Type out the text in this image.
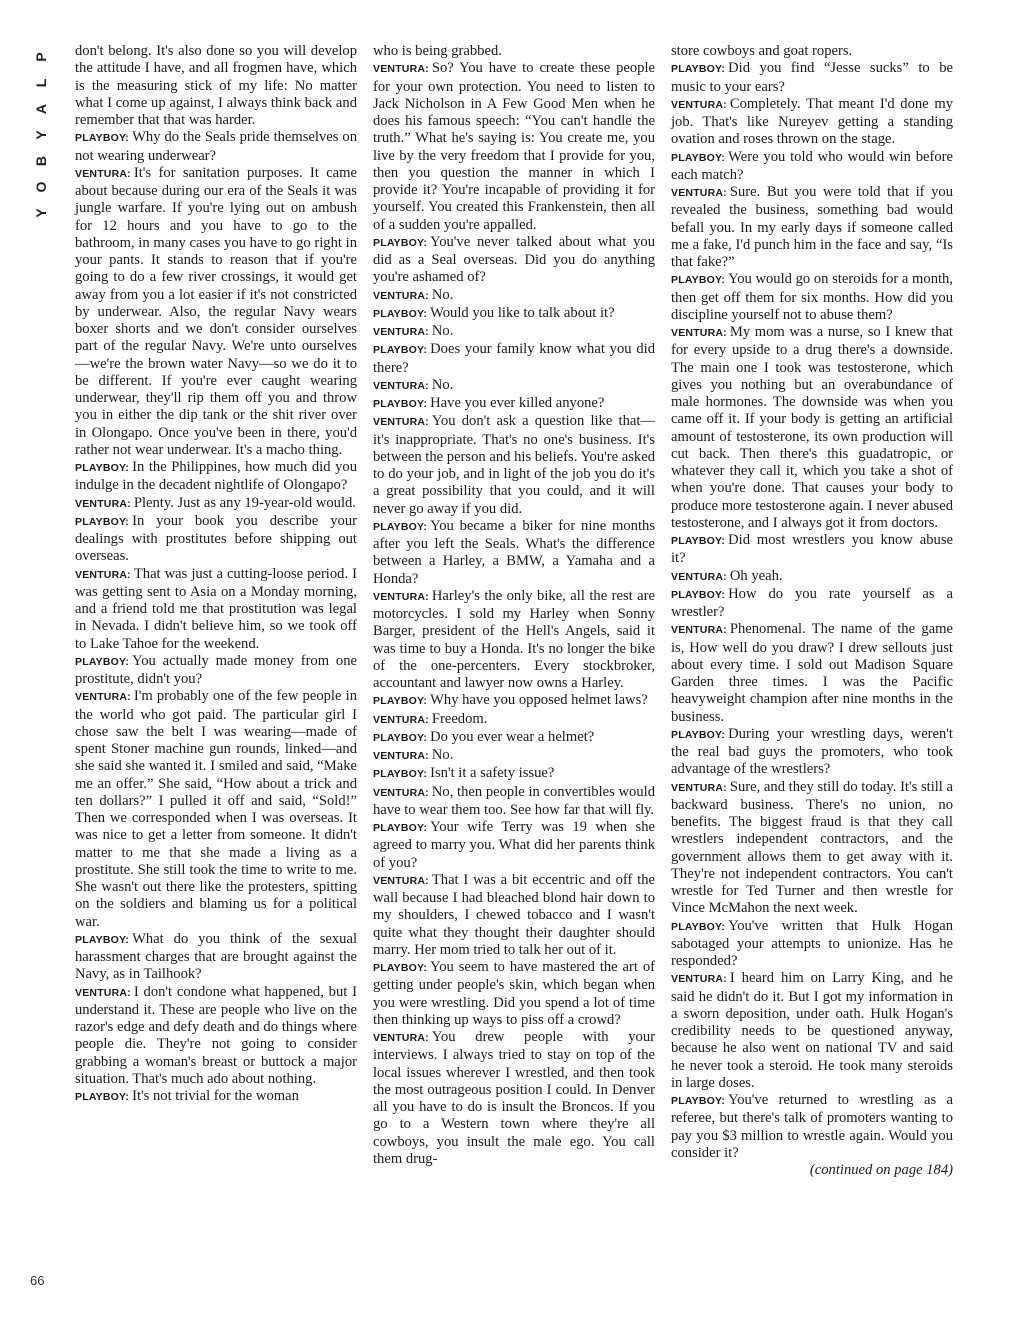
P
L
A
Y
B
O
Y

don't belong. It's also done so you will develop the attitude I have, and all frogmen have, which is the measuring stick of my life: No matter what I come up against, I always think back and remember that that was harder.

PLAYBOY: Why do the Seals pride themselves on not wearing underwear?

VENTURA: It's for sanitation purposes. It came about because during our era of the Seals it was jungle warfare. If you're lying out on ambush for 12 hours and you have to go to the bathroom, in many cases you have to go right in your pants. It stands to reason that if you're going to do a few river crossings, it would get away from you a lot easier if it's not constricted by underwear. Also, the regular Navy wears boxer shorts and we don't consider ourselves part of the regular Navy. We're unto ourselves—we're the brown water Navy—so we do it to be different. If you're ever caught wearing underwear, they'll rip them off you and throw you in either the dip tank or the shit river over in Olongapo. Once you've been in there, you'd rather not wear underwear. It's a macho thing.

PLAYBOY: In the Philippines, how much did you indulge in the decadent nightlife of Olongapo?

VENTURA: Plenty. Just as any 19-year-old would.

PLAYBOY: In your book you describe your dealings with prostitutes before shipping out overseas.

VENTURA: That was just a cutting-loose period. I was getting sent to Asia on a Monday morning, and a friend told me that prostitution was legal in Nevada. I didn't believe him, so we took off to Lake Tahoe for the weekend.

PLAYBOY: You actually made money from one prostitute, didn't you?

VENTURA: I'm probably one of the few people in the world who got paid. The particular girl I chose saw the belt I was wearing—made of spent Stoner machine gun rounds, linked—and she said she wanted it. I smiled and said, “Make me an offer.” She said, “How about a trick and ten dollars?” I pulled it off and said, “Sold!” Then we corresponded when I was overseas. It was nice to get a letter from someone. It didn't matter to me that she made a living as a prostitute. She still took the time to write to me. She wasn't out there like the protesters, spitting on the soldiers and blaming us for a political war.

PLAYBOY: What do you think of the sexual harassment charges that are brought against the Navy, as in Tailhook?

VENTURA: I don't condone what happened, but I understand it. These are people who live on the razor's edge and defy death and do things where people die. They're not going to consider grabbing a woman's breast or buttock a major situation. That's much ado about nothing.

PLAYBOY: It's not trivial for the woman

who is being grabbed.

VENTURA: So? You have to create these people for your own protection. You need to listen to Jack Nicholson in A Few Good Men when he does his famous speech: “You can't handle the truth.” What he's saying is: You create me, you live by the very freedom that I provide for you, then you question the manner in which I provide it? You're incapable of providing it for yourself. You created this Frankenstein, then all of a sudden you're appalled.

PLAYBOY: You've never talked about what you did as a Seal overseas. Did you do anything you're ashamed of?

VENTURA: No.

PLAYBOY: Would you like to talk about it?

VENTURA: No.

PLAYBOY: Does your family know what you did there?

VENTURA: No.

PLAYBOY: Have you ever killed anyone?

VENTURA: You don't ask a question like that—it's inappropriate. That's no one's business. It's between the person and his beliefs. You're asked to do your job, and in light of the job you do it's a great possibility that you could, and it will never go away if you did.

PLAYBOY: You became a biker for nine months after you left the Seals. What's the difference between a Harley, a BMW, a Yamaha and a Honda?

VENTURA: Harley's the only bike, all the rest are motorcycles. I sold my Harley when Sonny Barger, president of the Hell's Angels, said it was time to buy a Honda. It's no longer the bike of the one-percenters. Every stockbroker, accountant and lawyer now owns a Harley.

PLAYBOY: Why have you opposed helmet laws?

VENTURA: Freedom.

PLAYBOY: Do you ever wear a helmet?

VENTURA: No.

PLAYBOY: Isn't it a safety issue?

VENTURA: No, then people in convertibles would have to wear them too. See how far that will fly.

PLAYBOY: Your wife Terry was 19 when she agreed to marry you. What did her parents think of you?

VENTURA: That I was a bit eccentric and off the wall because I had bleached blond hair down to my shoulders, I chewed tobacco and I wasn't quite what they thought their daughter should marry. Her mom tried to talk her out of it.

PLAYBOY: You seem to have mastered the art of getting under people's skin, which began when you were wrestling. Did you spend a lot of time then thinking up ways to piss off a crowd?

VENTURA: You drew people with your interviews. I always tried to stay on top of the local issues wherever I wrestled, and then took the most outrageous position I could. In Denver all you have to do is insult the Broncos. If you go to a Western town where they're all cowboys, you insult the male ego. You call them drug-

store cowboys and goat ropers.

PLAYBOY: Did you find “Jesse sucks” to be music to your ears?

VENTURA: Completely. That meant I'd done my job. That's like Nureyev getting a standing ovation and roses thrown on the stage.

PLAYBOY: Were you told who would win before each match?

VENTURA: Sure. But you were told that if you revealed the business, something bad would befall you. In my early days if someone called me a fake, I'd punch him in the face and say, “Is that fake?”

PLAYBOY: You would go on steroids for a month, then get off them for six months. How did you discipline yourself not to abuse them?

VENTURA: My mom was a nurse, so I knew that for every upside to a drug there's a downside. The main one I took was testosterone, which gives you nothing but an overabundance of male hormones. The downside was when you came off it. If your body is getting an artificial amount of testosterone, its own production will cut back. Then there's this guadatropic, or whatever they call it, which you take a shot of when you're done. That causes your body to produce more testosterone again. I never abused testosterone, and I always got it from doctors.

PLAYBOY: Did most wrestlers you know abuse it?

VENTURA: Oh yeah.

PLAYBOY: How do you rate yourself as a wrestler?

VENTURA: Phenomenal. The name of the game is, How well do you draw? I drew sellouts just about every time. I sold out Madison Square Garden three times. I was the Pacific heavyweight champion after nine months in the business.

PLAYBOY: During your wrestling days, weren't the real bad guys the promoters, who took advantage of the wrestlers?

VENTURA: Sure, and they still do today. It's still a backward business. There's no union, no benefits. The biggest fraud is that they call wrestlers independent contractors, and the government allows them to get away with it. They're not independent contractors. You can't wrestle for Ted Turner and then wrestle for Vince McMahon the next week.

PLAYBOY: You've written that Hulk Hogan sabotaged your attempts to unionize. Has he responded?

VENTURA: I heard him on Larry King, and he said he didn't do it. But I got my information in a sworn deposition, under oath. Hulk Hogan's credibility needs to be questioned anyway, because he also went on national TV and said he never took a steroid. He took many steroids in large doses.

PLAYBOY: You've returned to wrestling as a referee, but there's talk of promoters wanting to pay you $3 million to wrestle again. Would you consider it?

(continued on page 184)

66
